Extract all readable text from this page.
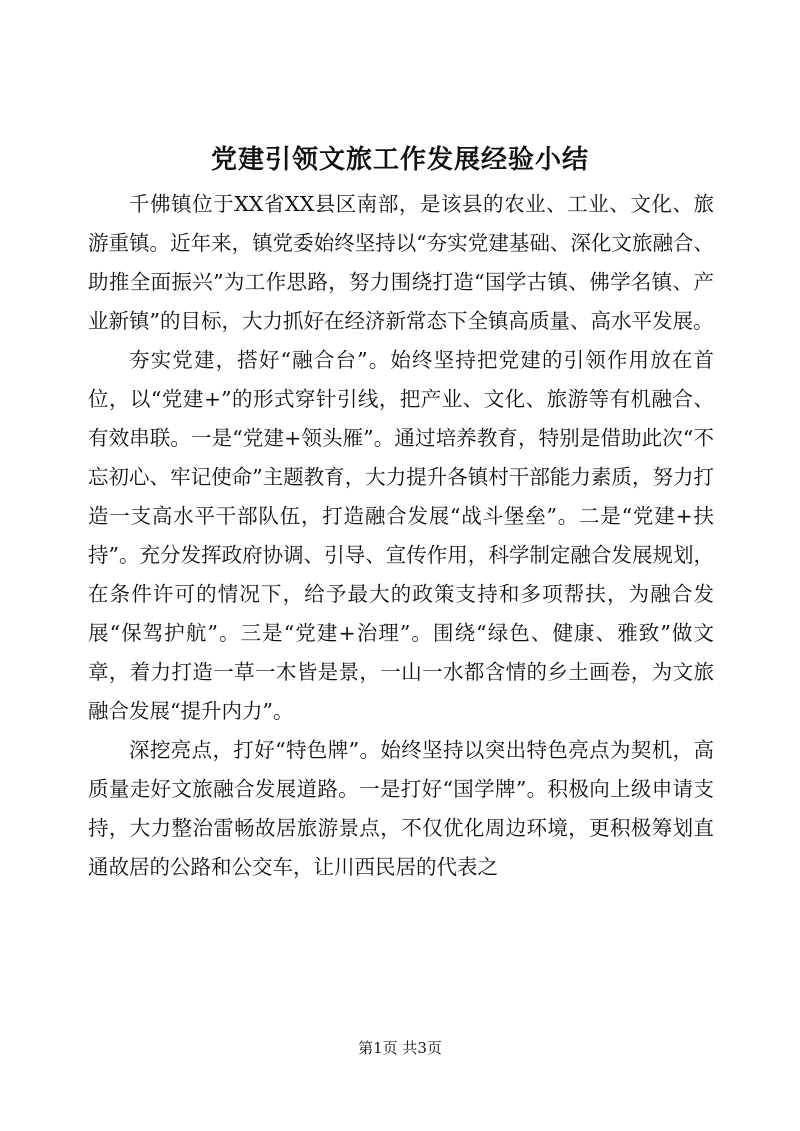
党建引领文旅工作发展经验小结

千佛镇位于XX省XX县区南部，是该县的农业、工业、文化、旅游重镇。近年来，镇党委始终坚持以“夯实党建基础、深化文旅融合、助推全面振兴”为工作思路，努力围绕打造“国学古镇、佛学名镇、产业新镇”的目标，大力抓好在经济新常态下全镇高质量、高水平发展。

夯实党建，搭好“融合台”。始终坚持把党建的引领作用放在首位，以“党建+”的形式穿针引线，把产业、文化、旅游等有机融合、有效串联。一是“党建+领头雁”。通过培养教育，特别是借助此次“不忘初心、牢记使命”主题教育，大力提升各镇村干部能力素质，努力打造一支高水平干部队伍，打造融合发展“战斗堡垒”。二是“党建+扶持”。充分发挥政府协调、引导、宣传作用，科学制定融合发展规划，在条件许可的情况下，给予最大的政策支持和多项帮扶，为融合发展“保驾护航”。三是“党建+治理”。围绕“绿色、健康、雅致”做文章，着力打造一草一木皆是景，一山一水都含情的乡土画卷，为文旅融合发展“提升内力”。

深挖亮点，打好“特色牌”。始终坚持以突出特色亮点为契机，高质量走好文旅融合发展道路。一是打好“国学牌”。积极向上级申请支持，大力整治雷畅故居旅游景点，不仅优化周边环境，更积极筹划直通故居的公路和公交车，让川西民居的代表之

第1页 共3页
